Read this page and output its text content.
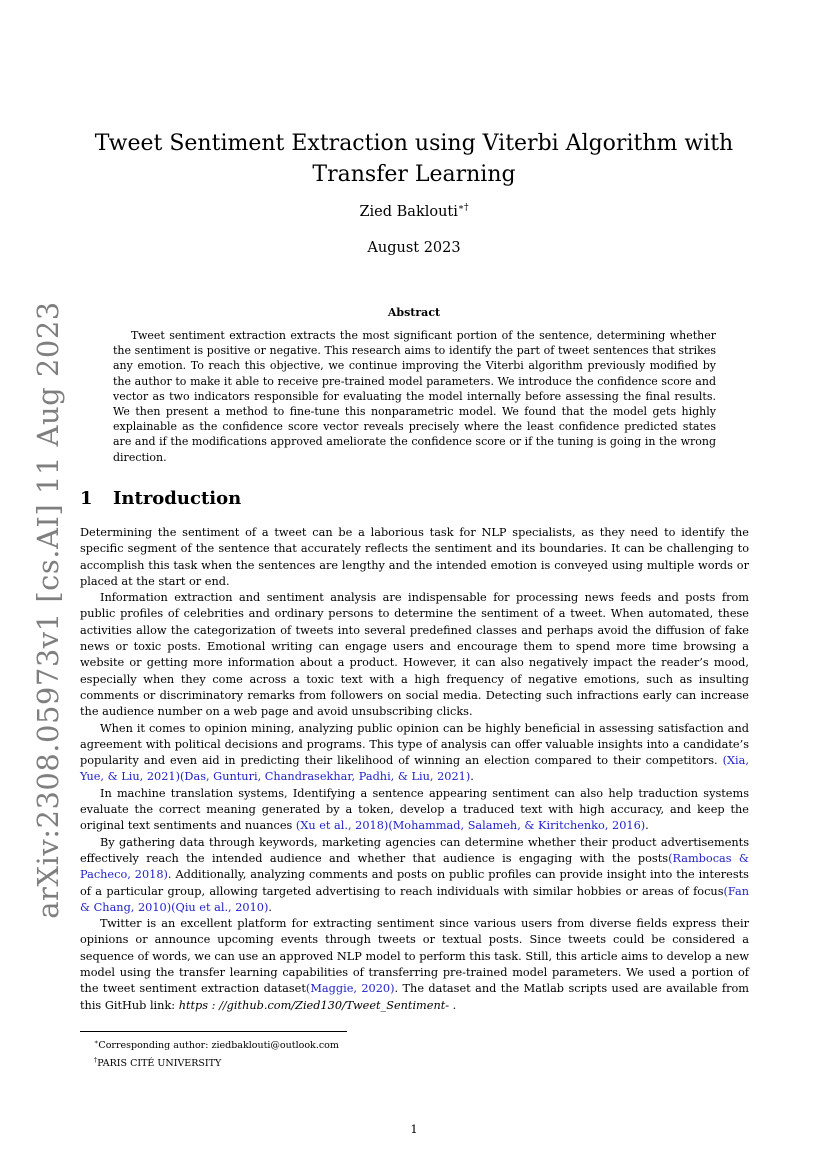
arXiv:2308.05973v1 [cs.AI] 11 Aug 2023
Tweet Sentiment Extraction using Viterbi Algorithm with Transfer Learning
Zied Baklouti∗†
August 2023
Abstract
Tweet sentiment extraction extracts the most significant portion of the sentence, determining whether the sentiment is positive or negative. This research aims to identify the part of tweet sentences that strikes any emotion. To reach this objective, we continue improving the Viterbi algorithm previously modified by the author to make it able to receive pre-trained model parameters. We introduce the confidence score and vector as two indicators responsible for evaluating the model internally before assessing the final results. We then present a method to fine-tune this nonparametric model. We found that the model gets highly explainable as the confidence score vector reveals precisely where the least confidence predicted states are and if the modifications approved ameliorate the confidence score or if the tuning is going in the wrong direction.
1 Introduction

Determining the sentiment of a tweet can be a laborious task for NLP specialists, as they need to identify the specific segment of the sentence that accurately reflects the sentiment and its boundaries. It can be challenging to accomplish this task when the sentences are lengthy and the intended emotion is conveyed using multiple words or placed at the start or end.

Information extraction and sentiment analysis are indispensable for processing news feeds and posts from public profiles of celebrities and ordinary persons to determine the sentiment of a tweet. When automated, these activities allow the categorization of tweets into several predefined classes and perhaps avoid the diffusion of fake news or toxic posts. Emotional writing can engage users and encourage them to spend more time browsing a website or getting more information about a product. However, it can also negatively impact the reader’s mood, especially when they come across a toxic text with a high frequency of negative emotions, such as insulting comments or discriminatory remarks from followers on social media. Detecting such infractions early can increase the audience number on a web page and avoid unsubscribing clicks.

When it comes to opinion mining, analyzing public opinion can be highly beneficial in assessing satisfaction and agreement with political decisions and programs. This type of analysis can offer valuable insights into a candidate’s popularity and even aid in predicting their likelihood of winning an election compared to their competitors. (Xia, Yue, & Liu, 2021)(Das, Gunturi, Chandrasekhar, Padhi, & Liu, 2021).

In machine translation systems, Identifying a sentence appearing sentiment can also help traduction systems evaluate the correct meaning generated by a token, develop a traduced text with high accuracy, and keep the original text sentiments and nuances (Xu et al., 2018)(Mohammad, Salameh, & Kiritchenko, 2016).

By gathering data through keywords, marketing agencies can determine whether their product advertisements effectively reach the intended audience and whether that audience is engaging with the posts(Rambocas & Pacheco, 2018). Additionally, analyzing comments and posts on public profiles can provide insight into the interests of a particular group, allowing targeted advertising to reach individuals with similar hobbies or areas of focus(Fan & Chang, 2010)(Qiu et al., 2010).

Twitter is an excellent platform for extracting sentiment since various users from diverse fields express their opinions or announce upcoming events through tweets or textual posts. Since tweets could be considered a sequence of words, we can use an approved NLP model to perform this task. Still, this article aims to develop a new model using the transfer learning capabilities of transferring pre-trained model parameters. We used a portion of the tweet sentiment extraction dataset(Maggie, 2020). The dataset and the Matlab scripts used are available from this GitHub link: https : //github.com/Zied130/Tweet_Sentiment- .

∗Corresponding author: ziedbaklouti@outlook.com
†PARIS CITÉ UNIVERSITY
1
